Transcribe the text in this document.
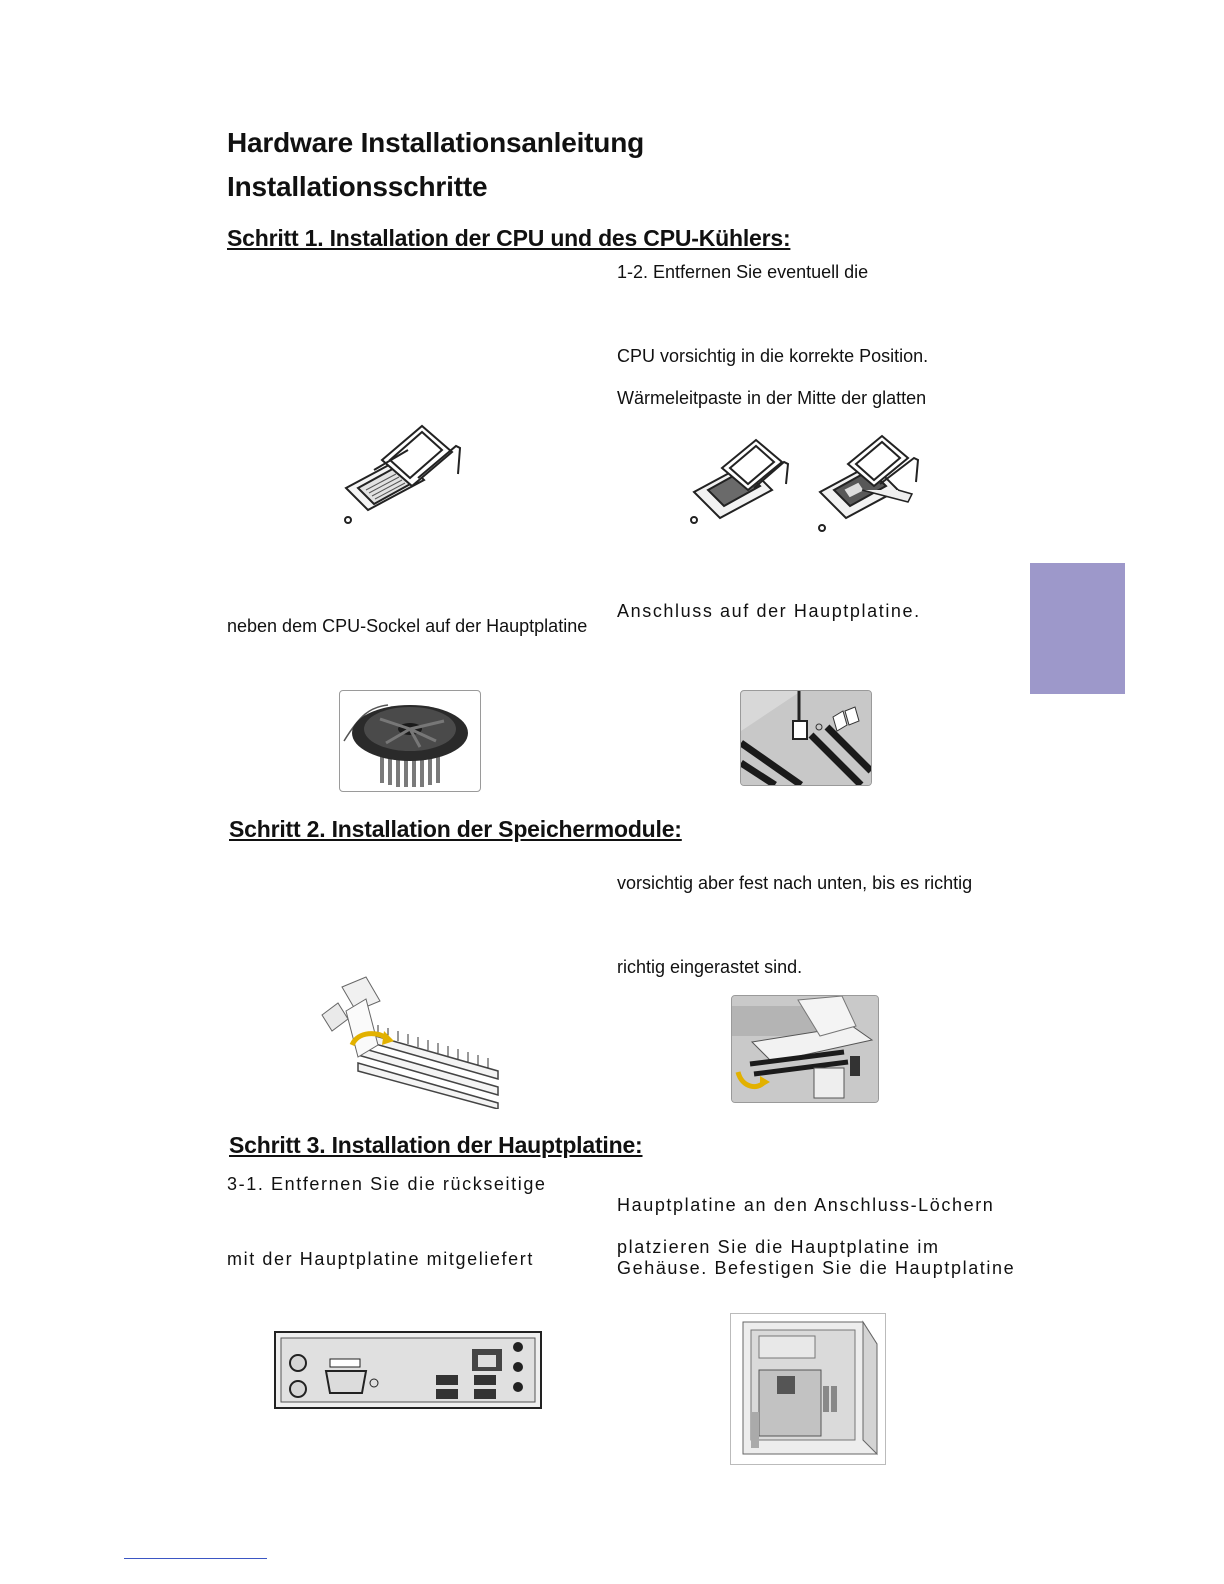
Hardware Installationsanleitung
Installationsschritte
Schritt 1. Installation der CPU und des CPU-Kühlers:
1-2. Entfernen Sie eventuell die
CPU vorsichtig in die korrekte Position.
Wärmeleitpaste in der Mitte der glatten
neben dem CPU-Sockel auf der Hauptplatine
Anschluss auf der Hauptplatine.
Schritt 2. Installation der Speichermodule:
vorsichtig aber fest nach unten, bis es richtig
richtig eingerastet sind.
Schritt 3. Installation der Hauptplatine:
3-1. Entfernen Sie die rückseitige
mit der Hauptplatine mitgeliefert
Hauptplatine an den Anschluss-Löchern
platzieren Sie die Hauptplatine im
Gehäuse. Befestigen Sie die Hauptplatine
